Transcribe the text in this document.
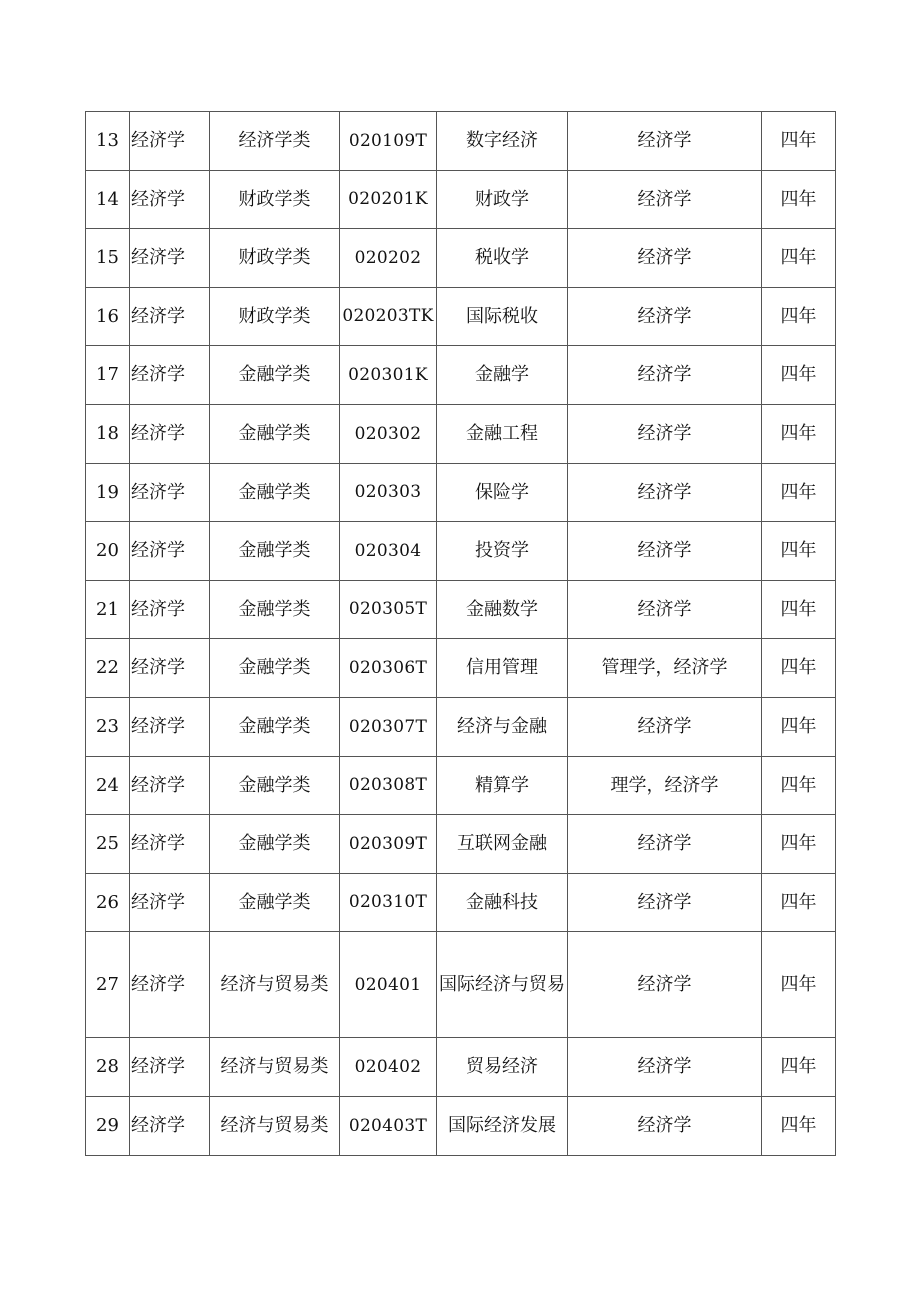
13	经济学	经济学类	020109T	数字经济	经济学	四年
14	经济学	财政学类	020201K	财政学	经济学	四年
15	经济学	财政学类	020202	税收学	经济学	四年
16	经济学	财政学类	020203TK	国际税收	经济学	四年
17	经济学	金融学类	020301K	金融学	经济学	四年
18	经济学	金融学类	020302	金融工程	经济学	四年
19	经济学	金融学类	020303	保险学	经济学	四年
20	经济学	金融学类	020304	投资学	经济学	四年
21	经济学	金融学类	020305T	金融数学	经济学	四年
22	经济学	金融学类	020306T	信用管理	管理学，经济学	四年
23	经济学	金融学类	020307T	经济与金融	经济学	四年
24	经济学	金融学类	020308T	精算学	理学，经济学	四年
25	经济学	金融学类	020309T	互联网金融	经济学	四年
26	经济学	金融学类	020310T	金融科技	经济学	四年
27	经济学	经济与贸易类	020401	国际经济与贸易	经济学	四年
28	经济学	经济与贸易类	020402	贸易经济	经济学	四年
29	经济学	经济与贸易类	020403T	国际经济发展	经济学	四年
